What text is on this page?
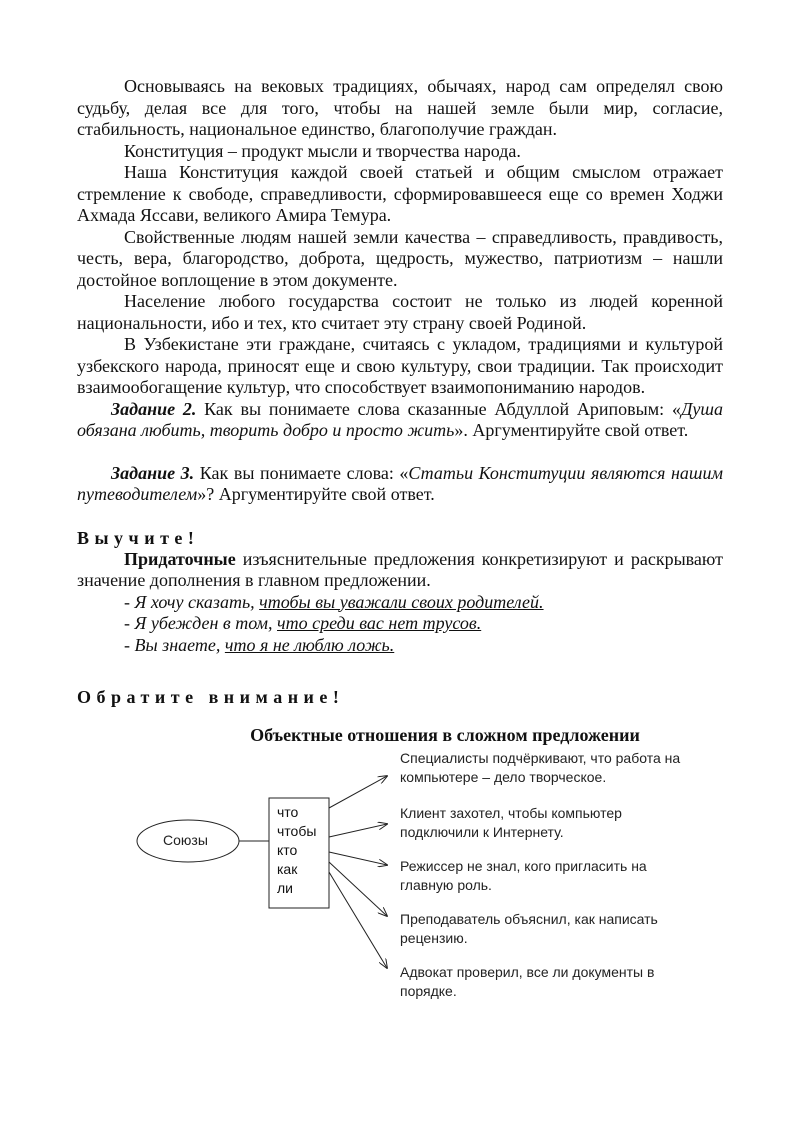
Основываясь на вековых традициях, обычаях, народ сам определял свою судьбу, делая все для того, чтобы на нашей земле были мир, согласие, стабильность, национальное единство, благополучие граждан.

Конституция – продукт мысли и творчества народа.

Наша Конституция каждой своей статьей и общим смыслом отражает стремление к свободе, справедливости, сформировавшееся еще со времен Ходжи Ахмада Яссави, великого Амира Темура.

Свойственные людям нашей земли качества – справедливость, правдивость, честь, вера, благородство, доброта, щедрость, мужество, патриотизм – нашли достойное воплощение в этом документе.

Население любого государства состоит не только из людей коренной национальности, ибо и тех, кто считает эту страну своей Родиной.

В Узбекистане эти граждане, считаясь с укладом, традициями и культурой узбекского народа, приносят еще и свою культуру, свои традиции. Так происходит взаимообогащение культур, что способствует взаимопониманию народов.

Задание 2. Как вы понимаете слова сказанные Абдуллой Ариповым: «Душа обязана любить, творить добро и просто жить». Аргументируйте свой ответ.

Задание 3. Как вы понимаете слова: «Статьи Конституции являются нашим путеводителем»? Аргументируйте свой ответ.

Выучите!

Придаточные изъяснительные предложения конкретизируют и раскрывают значение дополнения в главном предложении.

- Я хочу сказать, чтобы вы уважали своих родителей.

- Я убежден в том, что среди вас нет трусов.

- Вы знаете, что я не люблю ложь.

Обратите внимание!

Объектные отношения в сложном предложении
Союзы
что
чтобы
кто
как
ли
Специалисты подчёркивают, что работа на компьютере – дело творческое.
Клиент захотел, чтобы компьютер подключили к Интернету.
Режиссер не знал, кого пригласить на главную роль.
Преподаватель объяснил, как написать рецензию.
Адвокат проверил, все ли документы в порядке.
